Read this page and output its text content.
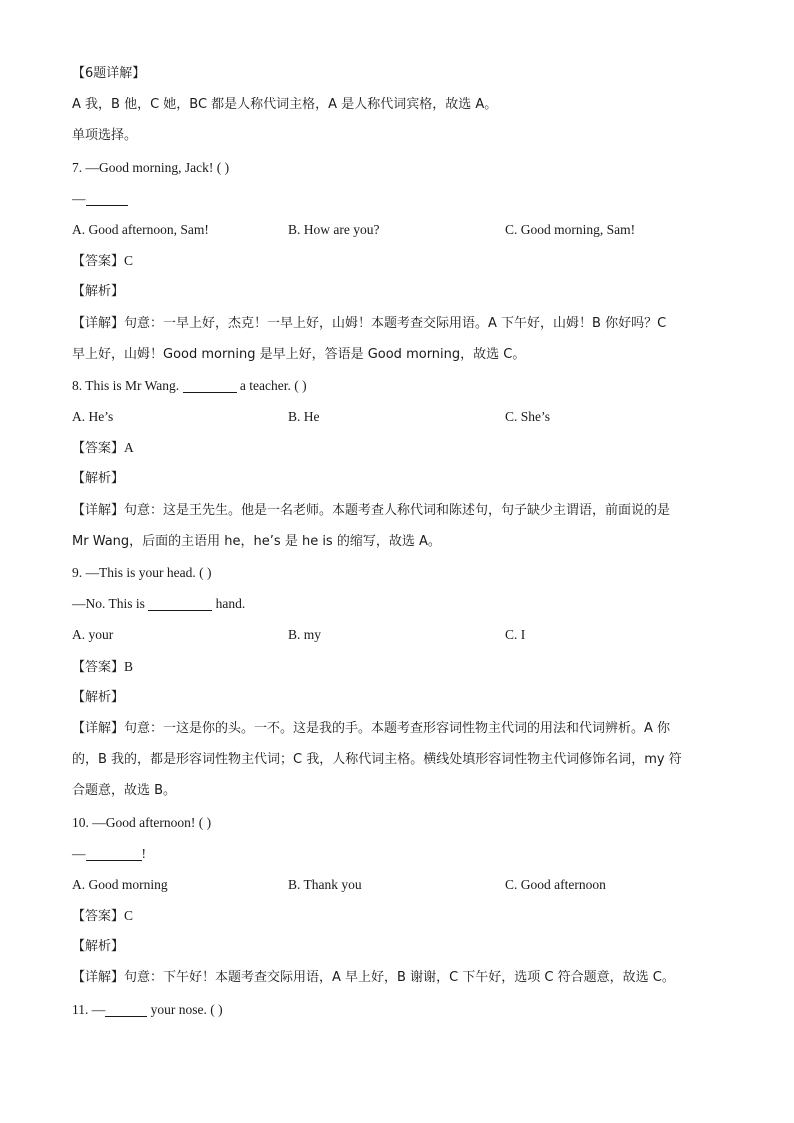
【6题详解】
A 我，B 他，C 她，BC 都是人称代词主格，A 是人称代词宾格，故选 A。
单项选择。
7. —Good morning, Jack! ( )
—
A. Good afternoon, Sam!	B. How are you?	C. Good morning, Sam!
【答案】C
【解析】
【详解】句意：一早上好，杰克！一早上好，山姆！本题考查交际用语。A 下午好，山姆！B 你好吗？C
早上好，山姆！Good morning 是早上好，答语是 Good morning，故选 C。
8. This is Mr Wang.	a teacher. ( )
A. He’s	B. He	C. She’s
【答案】A
【解析】
【详解】句意：这是王先生。他是一名老师。本题考查人称代词和陈述句，句子缺少主谓语，前面说的是
Mr Wang，后面的主语用 he，he’s 是 he is 的缩写，故选 A。
9. —This is your head. ( )
—No. This is	hand.
A. your	B. my	C. I
【答案】B
【解析】
【详解】句意：一这是你的头。一不。这是我的手。本题考查形容词性物主代词的用法和代词辨析。A 你
的，B 我的，都是形容词性物主代词；C 我，人称代词主格。横线处填形容词性物主代词修饰名词，my 符
合题意，故选 B。
10. —Good afternoon! ( )
—	!
A. Good morning	B. Thank you	C. Good afternoon
【答案】C
【解析】
【详解】句意：下午好！本题考查交际用语，A 早上好，B 谢谢，C 下午好，选项 C 符合题意，故选 C。
11. —	your nose. ( )
